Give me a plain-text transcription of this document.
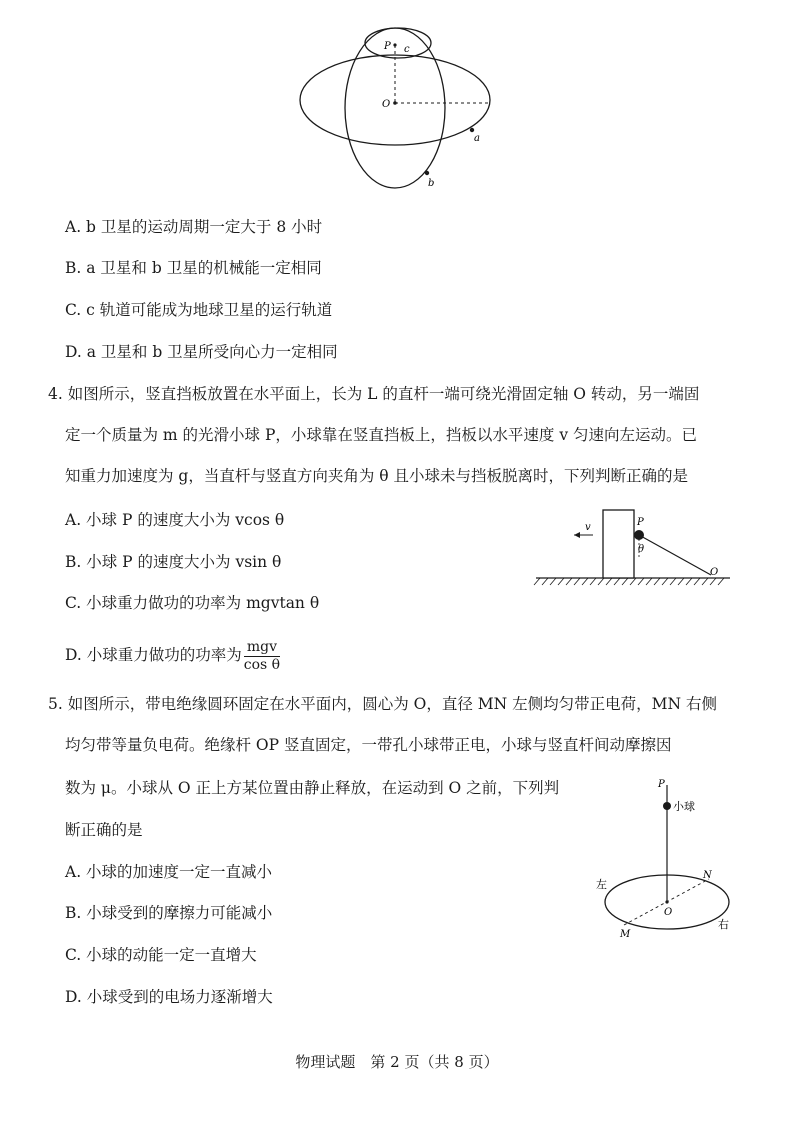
P c
O
a
b
A. b 卫星的运动周期一定大于 8 小时
B. a 卫星和 b 卫星的机械能一定相同
C. c 轨道可能成为地球卫星的运行轨道
D. a 卫星和 b 卫星所受向心力一定相同
4. 如图所示，竖直挡板放置在水平面上，长为 L 的直杆一端可绕光滑固定轴 O 转动，另一端固
定一个质量为 m 的光滑小球 P，小球靠在竖直挡板上，挡板以水平速度 v 匀速向左运动。已
知重力加速度为 g，当直杆与竖直方向夹角为 θ 且小球未与挡板脱离时，下列判断正确的是
A. 小球 P 的速度大小为 vcos θ
B. 小球 P 的速度大小为 vsin θ
C. 小球重力做功的功率为 mgvtan θ
D. 小球重力做功的功率为 $\frac{\text{mgv}}{\text{cos θ}}$
v	P
θ
O
5. 如图所示，带电绝缘圆环固定在水平面内，圆心为 O，直径 MN 左侧均匀带正电荷，MN 右侧
均匀带等量负电荷。绝缘杆 OP 竖直固定，一带孔小球带正电，小球与竖直杆间动摩擦因
数为 μ。小球从 O 正上方某位置由静止释放，在运动到 O 之前，下列判
断正确的是
A. 小球的加速度一定一直减小
B. 小球受到的摩擦力可能减小
C. 小球的动能一定一直增大
D. 小球受到的电场力逐渐增大
P
小球
左
N
O
M
右
物理试题　第 2 页（共 8 页）
